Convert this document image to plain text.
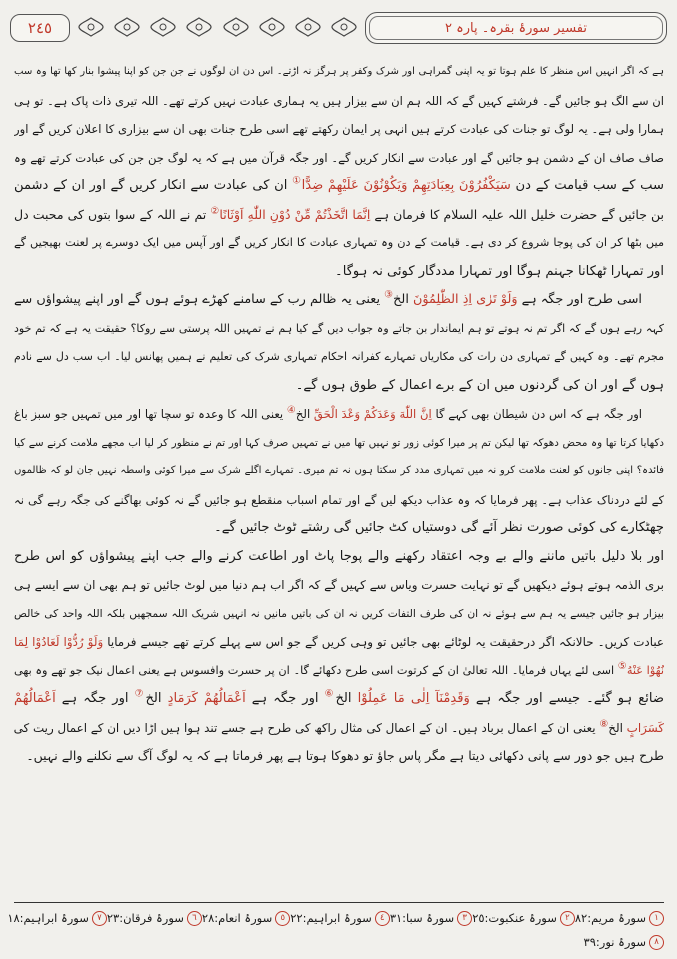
٢٤٥	تفسیر سورۂ بقرہ۔ پارہ ٢
ہے کہ اگر انہیں اس منظر کا علم ہوتا تو یہ اپنی گمراہی اور شرک وکفر پر ہرگز نہ اڑتے۔ اس دن ان لوگوں نے جن جن کو اپنا پیشوا بنار کھا تھا وہ سب
ان سے الگ ہو جائیں گے۔ فرشتے کہیں گے کہ اللہ ہم ان سے بیزار ہیں یہ ہماری عبادت نہیں کرتے تھے۔ اللہ تیری ذات پاک ہے۔ تو ہی
ہمارا ولی ہے۔ یہ لوگ تو جنات کی عبادت کرتے ہیں انہی پر ایمان رکھتے تھے اسی طرح جنات بھی ان سے بیزاری کا اعلان کریں گے اور
صاف صاف ان کے دشمن ہو جائیں گے اور عبادت سے انکار کریں گے۔ اور جگہ قرآن میں ہے کہ یہ لوگ جن جن کی عبادت کرتے تھے وہ
سب کے سب قیامت کے دن سَيَكْفُرُوْنَ بِعِبَادَتِهِمْ وَيَكُوْنُوْنَ عَلَيْهِمْ ضِدًّا① ان کی عبادت سے انکار کریں گے اور ان کے دشمن
بن جائیں گے حضرت خلیل اللہ علیہ السلام کا فرمان ہے اِنَّمَا اتَّخَذْتُمْ مِّنْ دُوْنِ اللّٰهِ اَوْثَانًا② تم نے اللہ کے سوا بتوں کی محبت دل
میں بٹھا کر ان کی پوجا شروع کر دی ہے۔ قیامت کے دن وہ تمہاری عبادت کا انکار کریں گے اور آپس میں ایک دوسرے پر لعنت بھیجیں گے
اور تمہارا ٹھکانا جہنم ہوگا اور تمہارا مددگار کوئی نہ ہوگا۔
اسی طرح اور جگہ ہے وَلَوْ تَرٰى اِذِ الظّٰلِمُوْنَ الخ③ یعنی یہ ظالم رب کے سامنے کھڑے ہوئے ہوں گے اور اپنے پیشواؤں سے
کہہ رہے ہوں گے کہ اگر تم نہ ہوتے تو ہم ایماندار بن جاتے وہ جواب دیں گے کیا ہم نے تمہیں اللہ پرستی سے روکا؟ حقیقت یہ ہے کہ تم خود
مجرم تھے۔ وہ کہیں گے تمہاری دن رات کی مکاریاں تمہارے کفرانہ احکام تمہاری شرک کی تعلیم نے ہمیں پھانس لیا۔ اب سب دل سے نادم
ہوں گے اور ان کی گردنوں میں ان کے برے اعمال کے طوق ہوں گے۔
اور جگہ ہے کہ اس دن شیطان بھی کہے گا اِنَّ اللّٰهَ وَعَدَكُمْ وَعْدَ الْحَقِّ الخ④ یعنی اللہ کا وعدہ تو سچا تھا اور میں تمہیں جو سبز باغ
دکھایا کرتا تھا وہ محض دھوکہ تھا لیکن تم پر میرا کوئی زور تو نہیں تھا میں نے تمہیں صرف کہا اور تم نے منظور کر لیا اب مجھے ملامت کرنے سے کیا
فائدہ؟ اپنی جانوں کو لعنت ملامت کرو نہ میں تمہاری مدد کر سکتا ہوں نہ تم میری۔ تمہارے اگلے شرک سے میرا کوئی واسطہ نہیں جان لو کہ ظالموں
کے لئے دردناک عذاب ہے۔ پھر فرمایا کہ وہ عذاب دیکھ لیں گے اور تمام اسباب منقطع ہو جائیں گے نہ کوئی بھاگنے کی جگہ رہے گی نہ
چھٹکارے کی کوئی صورت نظر آئے گی دوستیاں کٹ جائیں گی رشتے ٹوٹ جائیں گے۔
اور بلا دلیل باتیں ماننے والے بے وجہ اعتقاد رکھنے والے پوجا پاٹ اور اطاعت کرنے والے جب اپنے پیشواؤں کو اس طرح
بری الذمہ ہوتے ہوئے دیکھیں گے تو نہایت حسرت ویاس سے کہیں گے کہ اگر اب ہم دنیا میں لوٹ جائیں تو ہم بھی ان سے ایسے ہی
بیزار ہو جائیں جیسے یہ ہم سے ہوئے نہ ان کی طرف التفات کریں نہ ان کی باتیں مانیں نہ انہیں شریک اللہ سمجھیں بلکہ اللہ واحد کی خالص
عبادت کریں۔ حالانکہ اگر درحقیقت یہ لوٹائے بھی جائیں تو وہی کریں گے جو اس سے پہلے کرتے تھے جیسے فرمایا وَلَوْ رُدُّوْا لَعَادُوْا لِمَا
نُهُوْا عَنْهُ⑤ اسی لئے یہاں فرمایا۔ اللہ تعالیٰ ان کے کرتوت اسی طرح دکھائے گا۔ ان پر حسرت وافسوس ہے یعنی اعمال نیک جو تھے وہ بھی
ضائع ہو گئے۔ جیسے اور جگہ ہے وَقَدِمْنَآ اِلٰى مَا عَمِلُوْا الخ⑥ اور جگہ ہے اَعْمَالُهُمْ كَرَمَادٍ الخ⑦ اور جگہ ہے اَعْمَالُهُمْ
كَسَرَابٍ الخ⑧ یعنی ان کے اعمال برباد ہیں۔ ان کے اعمال کی مثال راکھ کی طرح ہے جسے تند ہوا ہیں اڑا دیں ان کے اعمال ریت کی
طرح ہیں جو دور سے پانی دکھائی دیتا ہے مگر پاس جاؤ تو دھوکا ہوتا ہے پھر فرماتا ہے کہ یہ لوگ آگ سے نکلنے والے نہیں۔
١سورۂ مریم:٨٢
٢سورۂ عنکبوت:٢٥
٣سورۂ سبا:٣١
٤سورۂ ابراہیم:٢٢
٥سورۂ انعام:٢٨
٦سورۂ فرقان:٢٣
٧سورۂ ابراہیم:١٨
٨سورۂ نور:٣٩
